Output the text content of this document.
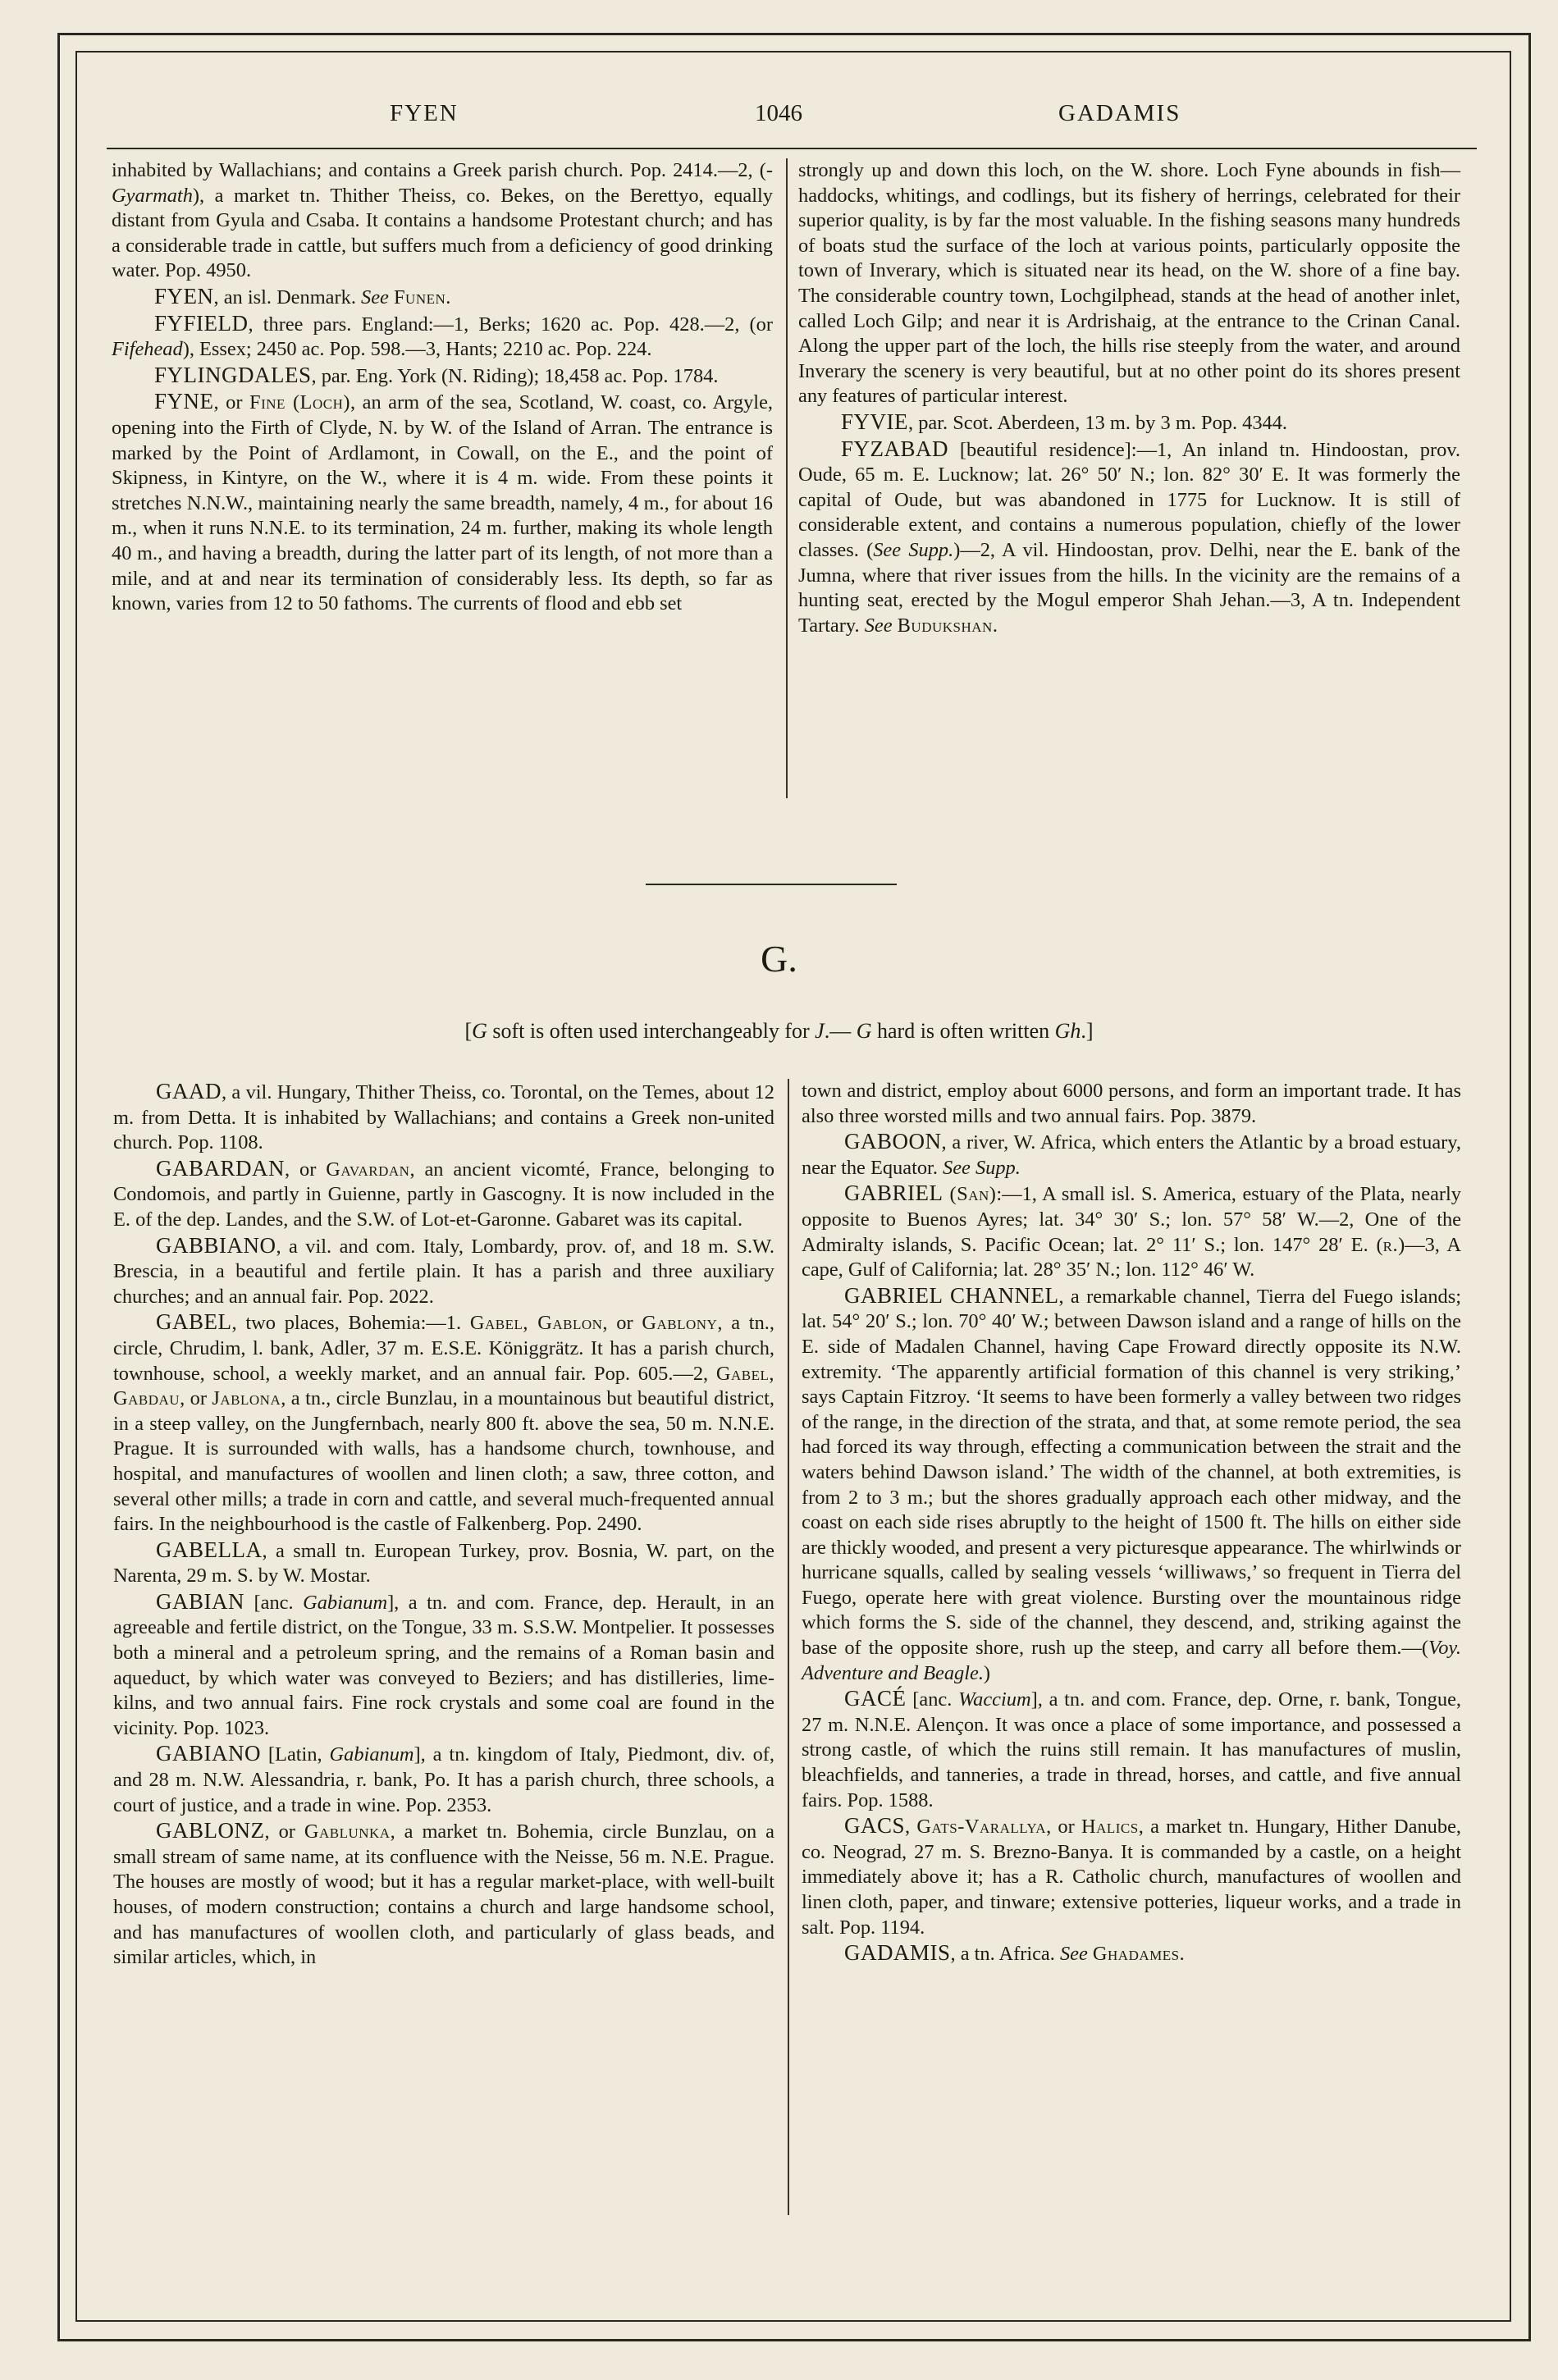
FYEN	1046	GADAMIS

inhabited by Wallachians; and contains a Greek parish church. Pop. 2414.—2, (-Gyarmath), a market tn. Thither Theiss, co. Bekes, on the Berettyo, equally distant from Gyula and Csaba. It contains a handsome Protestant church; and has a considerable trade in cattle, but suffers much from a deficiency of good drinking water. Pop. 4950.

FYEN, an isl. Denmark. See Funen.

FYFIELD, three pars. England:—1, Berks; 1620 ac. Pop. 428.—2, (or Fifehead), Essex; 2450 ac. Pop. 598.—3, Hants; 2210 ac. Pop. 224.

FYLINGDALES, par. Eng. York (N. Riding); 18,458 ac. Pop. 1784.

FYNE, or Fine (Loch), an arm of the sea, Scotland, W. coast, co. Argyle, opening into the Firth of Clyde, N. by W. of the Island of Arran. The entrance is marked by the Point of Ardlamont, in Cowall, on the E., and the point of Skipness, in Kintyre, on the W., where it is 4 m. wide. From these points it stretches N.N.W., maintaining nearly the same breadth, namely, 4 m., for about 16 m., when it runs N.N.E. to its termination, 24 m. further, making its whole length 40 m., and having a breadth, during the latter part of its length, of not more than a mile, and at and near its termination of considerably less. Its depth, so far as known, varies from 12 to 50 fathoms. The currents of flood and ebb set

strongly up and down this loch, on the W. shore. Loch Fyne abounds in fish—haddocks, whitings, and codlings, but its fishery of herrings, celebrated for their superior quality, is by far the most valuable. In the fishing seasons many hundreds of boats stud the surface of the loch at various points, particularly opposite the town of Inverary, which is situated near its head, on the W. shore of a fine bay. The considerable country town, Lochgilphead, stands at the head of another inlet, called Loch Gilp; and near it is Ardrishaig, at the entrance to the Crinan Canal. Along the upper part of the loch, the hills rise steeply from the water, and around Inverary the scenery is very beautiful, but at no other point do its shores present any features of particular interest.

FYVIE, par. Scot. Aberdeen, 13 m. by 3 m. Pop. 4344.

FYZABAD [beautiful residence]:—1, An inland tn. Hindoostan, prov. Oude, 65 m. E. Lucknow; lat. 26° 50′ N.; lon. 82° 30′ E. It was formerly the capital of Oude, but was abandoned in 1775 for Lucknow. It is still of considerable extent, and contains a numerous population, chiefly of the lower classes. (See Supp.)—2, A vil. Hindoostan, prov. Delhi, near the E. bank of the Jumna, where that river issues from the hills. In the vicinity are the remains of a hunting seat, erected by the Mogul emperor Shah Jehan.—3, A tn. Independent Tartary. See Budukshan.

G.
[G soft is often used interchangeably for J.— G hard is often written Gh.]

GAAD, a vil. Hungary, Thither Theiss, co. Torontal, on the Temes, about 12 m. from Detta. It is inhabited by Wallachians; and contains a Greek non-united church. Pop. 1108.

GABARDAN, or Gavardan, an ancient vicomté, France, belonging to Condomois, and partly in Guienne, partly in Gascogny. It is now included in the E. of the dep. Landes, and the S.W. of Lot-et-Garonne. Gabaret was its capital.

GABBIANO, a vil. and com. Italy, Lombardy, prov. of, and 18 m. S.W. Brescia, in a beautiful and fertile plain. It has a parish and three auxiliary churches; and an annual fair. Pop. 2022.

GABEL, two places, Bohemia:—1. Gabel, Gablon, or Gablony, a tn., circle, Chrudim, l. bank, Adler, 37 m. E.S.E. Königgrätz. It has a parish church, townhouse, school, a weekly market, and an annual fair. Pop. 605.—2, Gabel, Gabdau, or Jablona, a tn., circle Bunzlau, in a mountainous but beautiful district, in a steep valley, on the Jungfernbach, nearly 800 ft. above the sea, 50 m. N.N.E. Prague. It is surrounded with walls, has a handsome church, townhouse, and hospital, and manufactures of woollen and linen cloth; a saw, three cotton, and several other mills; a trade in corn and cattle, and several much-frequented annual fairs. In the neighbourhood is the castle of Falkenberg. Pop. 2490.

GABELLA, a small tn. European Turkey, prov. Bosnia, W. part, on the Narenta, 29 m. S. by W. Mostar.

GABIAN [anc. Gabianum], a tn. and com. France, dep. Herault, in an agreeable and fertile district, on the Tongue, 33 m. S.S.W. Montpelier. It possesses both a mineral and a petroleum spring, and the remains of a Roman basin and aqueduct, by which water was conveyed to Beziers; and has distilleries, lime-kilns, and two annual fairs. Fine rock crystals and some coal are found in the vicinity. Pop. 1023.

GABIANO [Latin, Gabianum], a tn. kingdom of Italy, Piedmont, div. of, and 28 m. N.W. Alessandria, r. bank, Po. It has a parish church, three schools, a court of justice, and a trade in wine. Pop. 2353.

GABLONZ, or Gablunka, a market tn. Bohemia, circle Bunzlau, on a small stream of same name, at its confluence with the Neisse, 56 m. N.E. Prague. The houses are mostly of wood; but it has a regular market-place, with well-built houses, of modern construction; contains a church and large handsome school, and has manufactures of woollen cloth, and particularly of glass beads, and similar articles, which, in

town and district, employ about 6000 persons, and form an important trade. It has also three worsted mills and two annual fairs. Pop. 3879.

GABOON, a river, W. Africa, which enters the Atlantic by a broad estuary, near the Equator. See Supp.

GABRIEL (San):—1, A small isl. S. America, estuary of the Plata, nearly opposite to Buenos Ayres; lat. 34° 30′ S.; lon. 57° 58′ W.—2, One of the Admiralty islands, S. Pacific Ocean; lat. 2° 11′ S.; lon. 147° 28′ E. (r.)—3, A cape, Gulf of California; lat. 28° 35′ N.; lon. 112° 46′ W.

GABRIEL CHANNEL, a remarkable channel, Tierra del Fuego islands; lat. 54° 20′ S.; lon. 70° 40′ W.; between Dawson island and a range of hills on the E. side of Madalen Channel, having Cape Froward directly opposite its N.W. extremity. ‘The apparently artificial formation of this channel is very striking,’ says Captain Fitzroy. ‘It seems to have been formerly a valley between two ridges of the range, in the direction of the strata, and that, at some remote period, the sea had forced its way through, effecting a communication between the strait and the waters behind Dawson island.’ The width of the channel, at both extremities, is from 2 to 3 m.; but the shores gradually approach each other midway, and the coast on each side rises abruptly to the height of 1500 ft. The hills on either side are thickly wooded, and present a very picturesque appearance. The whirlwinds or hurricane squalls, called by sealing vessels ‘williwaws,’ so frequent in Tierra del Fuego, operate here with great violence. Bursting over the mountainous ridge which forms the S. side of the channel, they descend, and, striking against the base of the opposite shore, rush up the steep, and carry all before them.—(Voy. Adventure and Beagle.)

GACÉ [anc. Waccium], a tn. and com. France, dep. Orne, r. bank, Tongue, 27 m. N.N.E. Alençon. It was once a place of some importance, and possessed a strong castle, of which the ruins still remain. It has manufactures of muslin, bleachfields, and tanneries, a trade in thread, horses, and cattle, and five annual fairs. Pop. 1588.

GACS, Gats-Varallya, or Halics, a market tn. Hungary, Hither Danube, co. Neograd, 27 m. S. Brezno-Banya. It is commanded by a castle, on a height immediately above it; has a R. Catholic church, manufactures of woollen and linen cloth, paper, and tinware; extensive potteries, liqueur works, and a trade in salt. Pop. 1194.

GADAMIS, a tn. Africa. See Ghadames.
